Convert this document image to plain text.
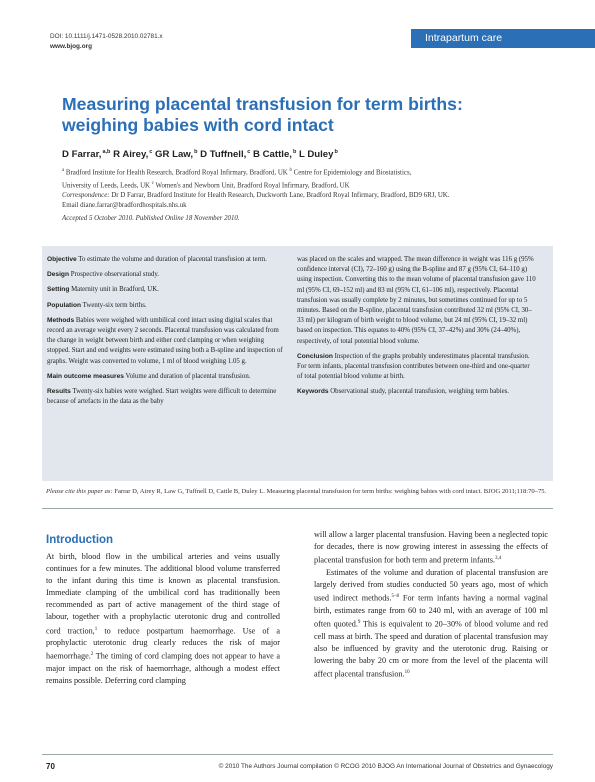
DOI: 10.1111/j.1471-0528.2010.02781.x
www.bjog.org
Intrapartum care
Measuring placental transfusion for term births: weighing babies with cord intact
D Farrar,$^{a,b}$ R Airey,$^c$ GR Law,$^b$ D Tuffnell,$^c$ B Cattle,$^b$ L Duley$^b$

$^a$ Bradford Institute for Health Research, Bradford Royal Infirmary, Bradford, UK $^b$ Centre for Epidemiology and Biostatistics,

University of Leeds, Leeds, UK $^c$ Women's and Newborn Unit, Bradford Royal Infirmary, Bradford, UK

Correspondence: Dr D Farrar, Bradford Institute for Health Research, Duckworth Lane, Bradford Royal Infirmary, Bradford, BD9 6RJ, UK.

Email diane.farrar@bradfordhospitals.nhs.uk

Accepted 5 October 2010. Published Online 18 November 2010.

Objective To estimate the volume and duration of placental transfusion at term.

Design Prospective observational study.

Setting Maternity unit in Bradford, UK.

Population Twenty-six term births.

Methods Babies were weighed with umbilical cord intact using digital scales that record an average weight every 2 seconds. Placental transfusion was calculated from the change in weight between birth and either cord clamping or when weighing stopped. Start and end weights were estimated using both a B-spline and inspection of graphs. Weight was converted to volume, 1 ml of blood weighing 1.05 g.

Main outcome measures Volume and duration of placental transfusion.

Results Twenty-six babies were weighed. Start weights were difficult to determine because of artefacts in the data as the baby

was placed on the scales and wrapped. The mean difference in weight was 116 g (95% confidence interval (CI), 72–160 g) using the B-spline and 87 g (95% CI, 64–110 g) using inspection. Converting this to the mean volume of placental transfusion gave 110 ml (95% CI, 69–152 ml) and 83 ml (95% CI, 61–106 ml), respectively. Placental transfusion was usually complete by 2 minutes, but sometimes continued for up to 5 minutes. Based on the B-spline, placental transfusion contributed 32 ml (95% CI, 30–33 ml) per kilogram of birth weight to blood volume, but 24 ml (95% CI, 19–32 ml) based on inspection. This equates to 40% (95% CI, 37–42%) and 30% (24–40%), respectively, of total potential blood volume.

Conclusion Inspection of the graphs probably underestimates placental transfusion. For term infants, placental transfusion contributes between one-third and one-quarter of total potential blood volume at birth.

Keywords Observational study, placental transfusion, weighing term babies.

Please cite this paper as: Farrar D, Airey R, Law G, Tuffnell D, Cattle B, Duley L. Measuring placental transfusion for term births: weighing babies with cord intact. BJOG 2011;118:70–75.
Introduction

At birth, blood flow in the umbilical arteries and veins usually continues for a few minutes. The additional blood volume transferred to the infant during this time is known as placental transfusion. Immediate clamping of the umbilical cord has traditionally been recommended as part of active management of the third stage of labour, together with a prophylactic uterotonic drug and controlled cord traction,$^1$ to reduce postpartum haemorrhage. Use of a prophylactic uterotonic drug clearly reduces the risk of major haemorrhage.$^2$ The timing of cord clamping does not appear to have a major impact on the risk of haemorrhage, although a modest effect remains possible. Deferring cord clamping

will allow a larger placental transfusion. Having been a neglected topic for decades, there is now growing interest in assessing the effects of placental transfusion for both term and preterm infants.$^{3,4}$

Estimates of the volume and duration of placental transfusion are largely derived from studies conducted 50 years ago, most of which used indirect methods.$^{5-8}$ For term infants having a normal vaginal birth, estimates range from 60 to 240 ml, with an average of 100 ml often quoted.$^9$ This is equivalent to 20–30% of blood volume and red cell mass at birth. The speed and duration of placental transfusion may also be influenced by gravity and the uterotonic drug. Raising or lowering the baby 20 cm or more from the level of the placenta will affect placental transfusion.$^{10}$

70	© 2010 The Authors Journal compilation © RCOG 2010 BJOG An International Journal of Obstetrics and Gynaecology
